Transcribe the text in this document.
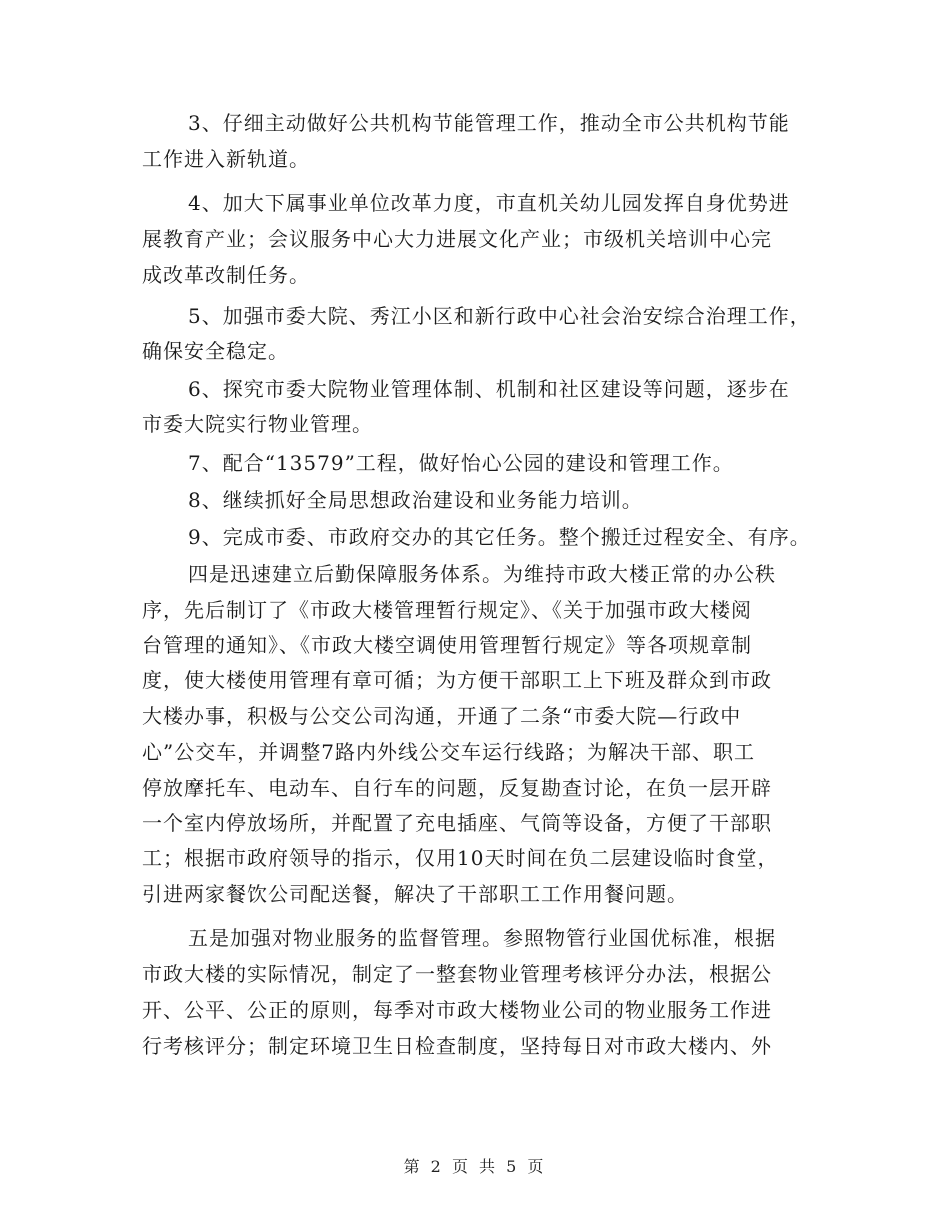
3、仔细主动做好公共机构节能管理工作，推动全市公共机构节能
工作进入新轨道。
4、加大下属事业单位改革力度，市直机关幼儿园发挥自身优势进
展教育产业；会议服务中心大力进展文化产业；市级机关培训中心完
成改革改制任务。
5、加强市委大院、秀江小区和新行政中心社会治安综合治理工作，
确保安全稳定。
6、探究市委大院物业管理体制、机制和社区建设等问题，逐步在
市委大院实行物业管理。
7、配合“13579”工程，做好怡心公园的建设和管理工作。
8、继续抓好全局思想政治建设和业务能力培训。
9、完成市委、市政府交办的其它任务。整个搬迁过程安全、有序。
四是迅速建立后勤保障服务体系。为维持市政大楼正常的办公秩
序，先后制订了《市政大楼管理暂行规定》、《关于加强市政大楼阅
台管理的通知》、《市政大楼空调使用管理暂行规定》等各项规章制
度，使大楼使用管理有章可循；为方便干部职工上下班及群众到市政
大楼办事，积极与公交公司沟通，开通了二条“市委大院—行政中
心”公交车，并调整7路内外线公交车运行线路；为解决干部、职工
停放摩托车、电动车、自行车的问题，反复勘查讨论，在负一层开辟
一个室内停放场所，并配置了充电插座、气筒等设备，方便了干部职
工；根据市政府领导的指示，仅用10天时间在负二层建设临时食堂，
引进两家餐饮公司配送餐，解决了干部职工工作用餐问题。
五是加强对物业服务的监督管理。参照物管行业国优标准，根据
市政大楼的实际情况，制定了一整套物业管理考核评分办法，根据公
开、公平、公正的原则，每季对市政大楼物业公司的物业服务工作进
行考核评分；制定环境卫生日检查制度，坚持每日对市政大楼内、外
第 2 页 共 5 页
